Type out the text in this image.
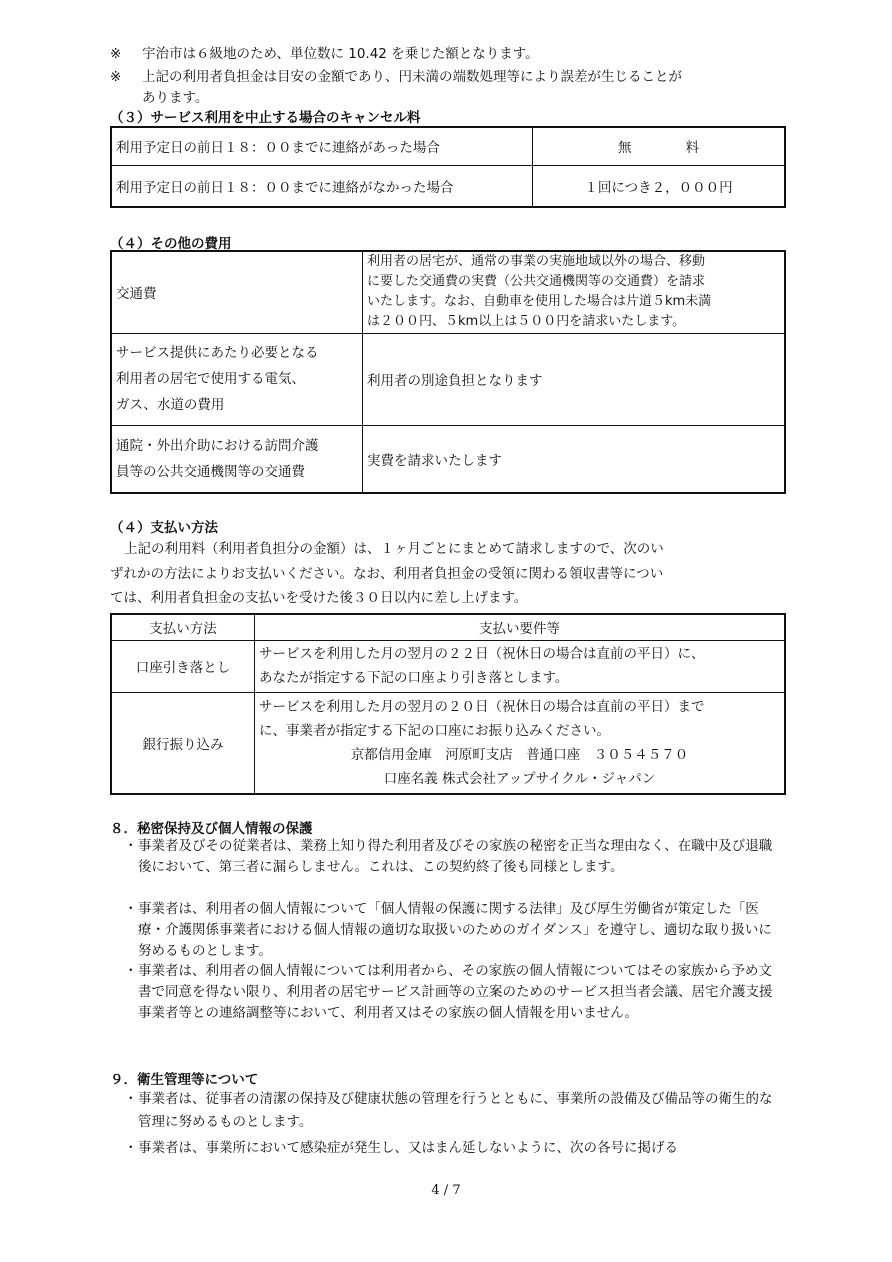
※ 宇治市は６級地のため、単位数に 10.42 を乗じた額となります。
※ 上記の利用者負担金は目安の金額であり、円未満の端数処理等により誤差が生じることが
あります。
（３）サービス利用を中止する場合のキャンセル料
利用予定日の前日１８：００までに連絡があった場合	無　　　　料
利用予定日の前日１８：００までに連絡がなかった場合	１回につき２，０００円
（４）その他の費用
交通費	利用者の居宅が、通常の事業の実施地域以外の場合、移動
に要した交通費の実費（公共交通機関等の交通費）を請求
いたします。なお、自動車を使用した場合は片道５km未満
は２００円、５km以上は５００円を請求いたします。

サービス提供にあたり必要となる
利用者の居宅で使用する電気、
ガス、水道の費用	利用者の別途負担となります

通院・外出介助における訪問介護
員等の公共交通機関等の交通費	実費を請求いたします
（４）支払い方法
上記の利用料（利用者負担分の金額）は、１ヶ月ごとにまとめて請求しますので、次のい
ずれかの方法によりお支払いください。なお、利用者負担金の受領に関わる領収書等につい
ては、利用者負担金の支払いを受けた後３０日以内に差し上げます。
支払い方法	支払い要件等
口座引き落とし	サービスを利用した月の翌月の２２日（祝休日の場合は直前の平日）に、
あなたが指定する下記の口座より引き落とします。

銀行振り込み	サービスを利用した月の翌月の２０日（祝休日の場合は直前の平日）まで
に、事業者が指定する下記の口座にお振り込みください。
京都信用金庫　河原町支店　普通口座　３０５４５７０
口座名義 株式会社アップサイクル・ジャパン
８．秘密保持及び個人情報の保護
・ 事業者及びその従業者は、業務上知り得た利用者及びその家族の秘密を正当な理由なく、在職中及び退職後において、第三者に漏らしません。これは、この契約終了後も同様とします。
・ 事業者は、利用者の個人情報について「個人情報の保護に関する法律」及び厚生労働省が策定した「医療・介護関係事業者における個人情報の適切な取扱いのためのガイダンス」を遵守し、適切な取り扱いに努めるものとします。
・ 事業者は、利用者の個人情報については利用者から、その家族の個人情報についてはその家族から予め文書で同意を得ない限り、利用者の居宅サービス計画等の立案のためのサービス担当者会議、居宅介護支援事業者等との連絡調整等において、利用者又はその家族の個人情報を用いません。
９．衛生管理等について
・ 事業者は、従事者の清潔の保持及び健康状態の管理を行うとともに、事業所の設備及び備品等の衛生的な管理に努めるものとします。
・ 事業者は、事業所において感染症が発生し、又はまん延しないように、次の各号に掲げる
4 / 7
